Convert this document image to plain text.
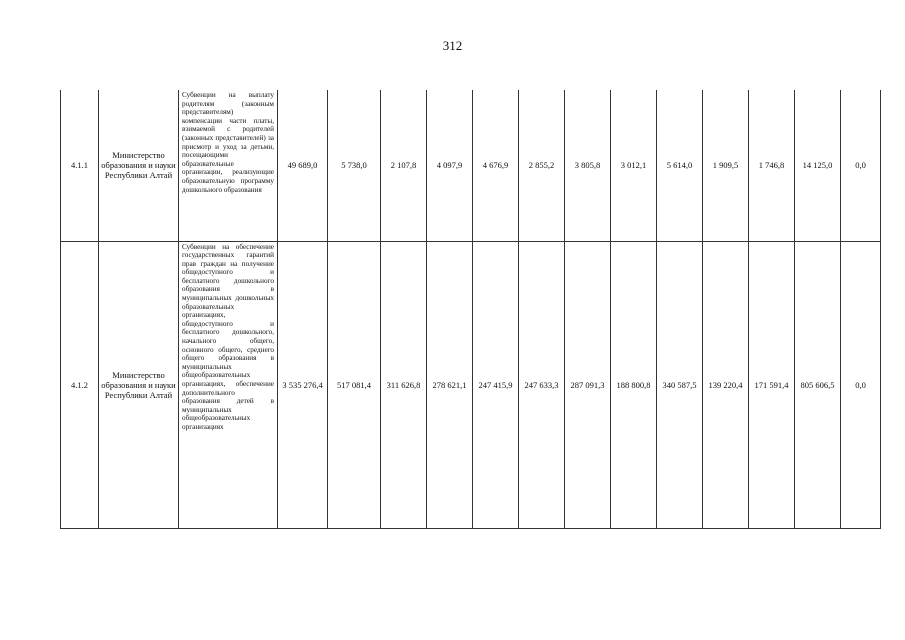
312
4.1.1	Министерство образования и науки Республики Алтай	Субвенции на выплату родителям (законным представителям) компенсации части платы, взимаемой с родителей (законных представителей) за присмотр и уход за детьми, посещающими образовательные организации, реализующие образовательную программу дошкольного образования	49 689,0	5 738,0	2 107,8	4 097,9	4 676,9	2 855,2	3 805,8	3 012,1	5 614,0	1 909,5	1 746,8	14 125,0	0,0
4.1.2	Министерство образования и науки Республики Алтай	Субвенции на обеспечение государственных гарантий прав граждан на получение общедоступного и бесплатного дошкольного образования в муниципальных дошкольных образовательных организациях, общедоступного и бесплатного дошкольного, начального общего, основного общего, среднего общего образования в муниципальных общеобразовательных организациях, обеспечение дополнительного образования детей в муниципальных общеобразовательных организациях	3 535 276,4	517 081,4	311 626,8	278 621,1	247 415,9	247 633,3	287 091,3	188 800,8	340 587,5	139 220,4	171 591,4	805 606,5	0,0
